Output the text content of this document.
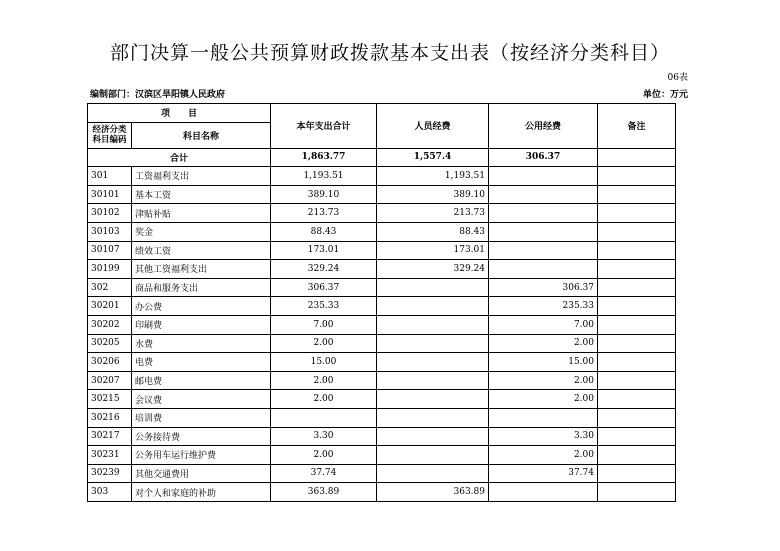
部门决算一般公共预算财政拨款基本支出表（按经济分类科目）
06表
编制部门：汉滨区旱阳镇人民政府	单位：万元
项　　目		本年支出合计	人员经费	公用经费	备注
经济分类科目编码	科目名称				
合计		1,863.77	1,557.4	306.37	
301	工资福利支出	1,193.51	1,193.51		
30101	基本工资	389.10	389.10		
30102	津贴补贴	213.73	213.73		
30103	奖金	88.43	88.43		
30107	绩效工资	173.01	173.01		
30199	其他工资福利支出	329.24	329.24		
302	商品和服务支出	306.37		306.37	
30201	办公费	235.33		235.33	
30202	印刷费	7.00		7.00	
30205	水费	2.00		2.00	
30206	电费	15.00		15.00	
30207	邮电费	2.00		2.00	
30215	会议费	2.00		2.00	
30216	培训费				
30217	公务接待费	3.30		3.30	
30231	公务用车运行维护费	2.00		2.00	
30239	其他交通费用	37.74		37.74	
303	对个人和家庭的补助	363.89	363.89		
